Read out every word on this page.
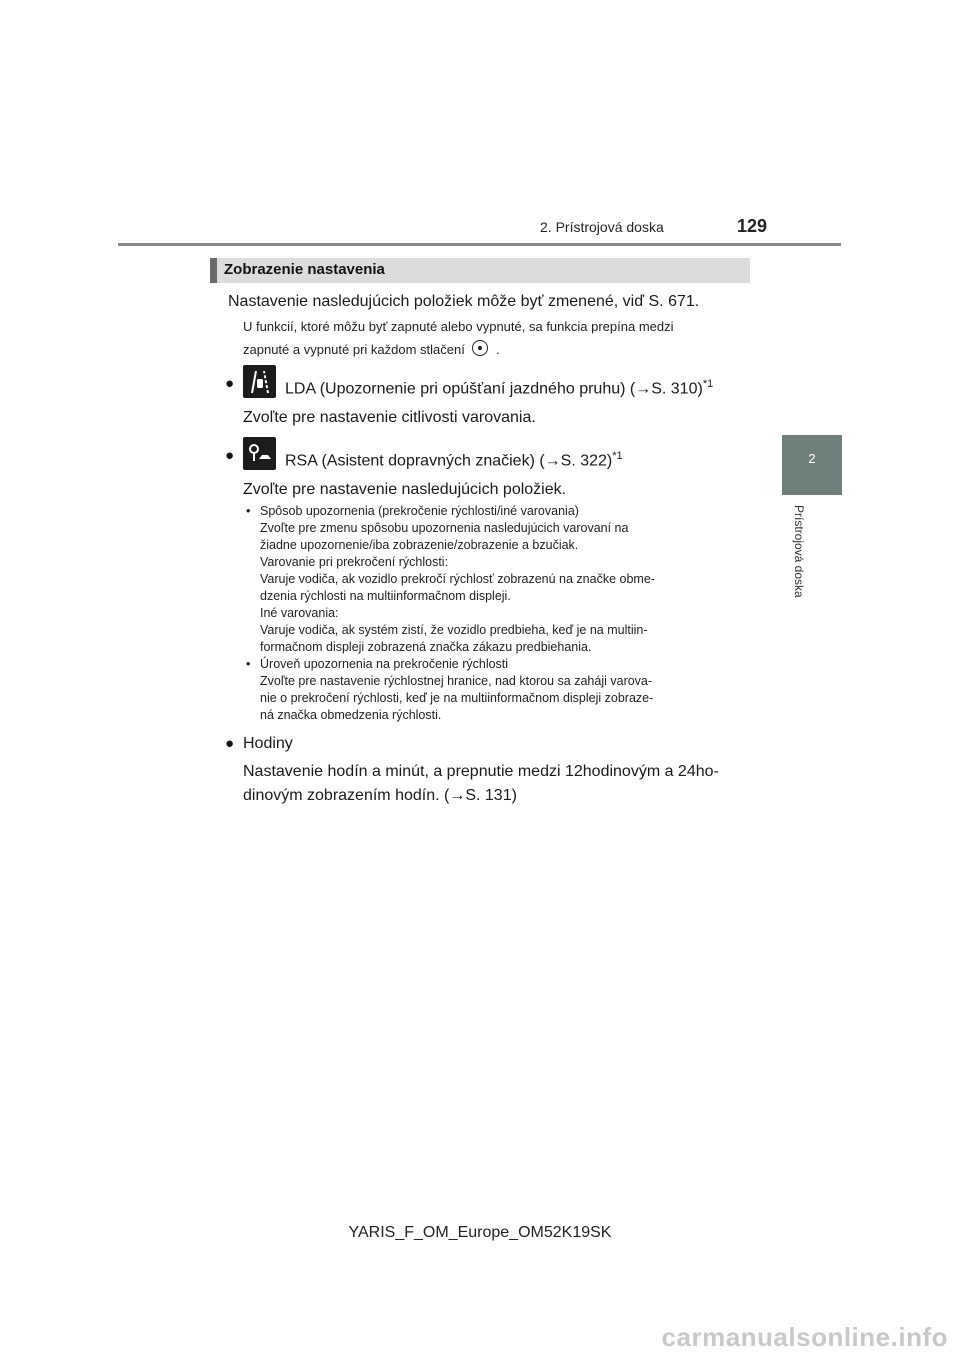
2. Prístrojová doska	129
2
Prístrojová doska
Zobrazenie nastavenia
Nastavenie nasledujúcich položiek môže byť zmenené, viď S. 671.
U funkcií, ktoré môžu byť zapnuté alebo vypnuté, sa funkcia prepína medzi
zapnuté a vypnuté pri každom stlačení .
●	LDA (Upozornenie pri opúšťaní jazdného pruhu) (→S. 310)$^{*1}$
Zvoľte pre nastavenie citlivosti varovania.
●	RSA (Asistent dopravných značiek) (→S. 322)$^{*1}$
Zvoľte pre nastavenie nasledujúcich položiek.
• Spôsob upozornenia (prekročenie rýchlosti/iné varovania)
Zvoľte pre zmenu spôsobu upozornenia nasledujúcich varovaní na
žiadne upozornenie/iba zobrazenie/zobrazenie a bzučiak.
Varovanie pri prekročení rýchlosti:
Varuje vodiča, ak vozidlo prekročí rýchlosť zobrazenú na značke obme-
dzenia rýchlosti na multiinformačnom displeji.
Iné varovania:
Varuje vodiča, ak systém zistí, že vozidlo predbieha, keď je na multiin-
formačnom displeji zobrazená značka zákazu predbiehania.
• Úroveň upozornenia na prekročenie rýchlosti
Zvoľte pre nastavenie rýchlostnej hranice, nad ktorou sa zaháji varova-
nie o prekročení rýchlosti, keď je na multiinformačnom displeji zobraze-
ná značka obmedzenia rýchlosti.
● Hodiny
Nastavenie hodín a minút, a prepnutie medzi 12hodinovým a 24ho-
dinovým zobrazením hodín. (→S. 131)
YARIS_F_OM_Europe_OM52K19SK
carmanualsonline.info
